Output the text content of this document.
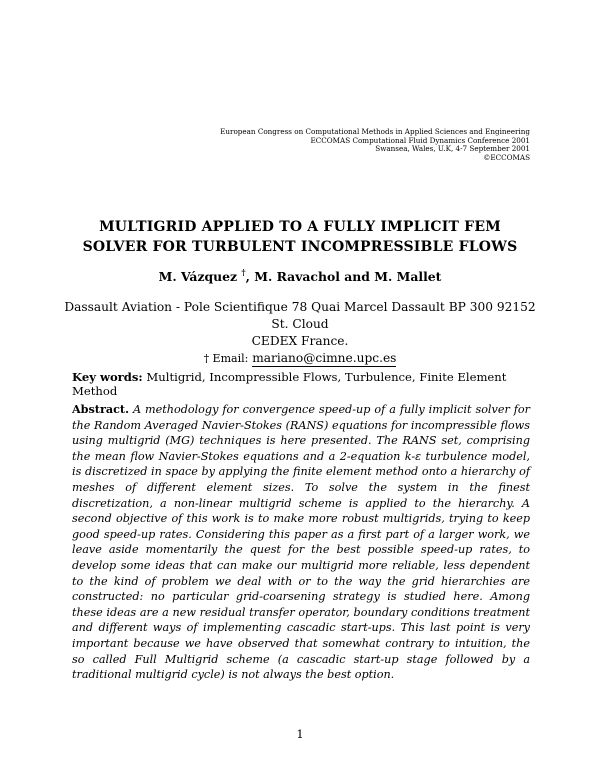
European Congress on Computational Methods in Applied Sciences and Engineering
ECCOMAS Computational Fluid Dynamics Conference 2001
Swansea, Wales, U.K, 4-7 September 2001
©ECCOMAS
MULTIGRID APPLIED TO A FULLY IMPLICIT FEM
SOLVER FOR TURBULENT INCOMPRESSIBLE FLOWS
M. Vázquez †, M. Ravachol and M. Mallet
Dassault Aviation - Pole Scientifique 78 Quai Marcel Dassault BP 300 92152 St. Cloud
CEDEX France.
† Email: mariano@cimne.upc.es
Key words: Multigrid, Incompressible Flows, Turbulence, Finite Element Method
Abstract. A methodology for convergence speed-up of a fully implicit solver for the Random Averaged Navier-Stokes (RANS) equations for incompressible flows using multigrid (MG) techniques is here presented. The RANS set, comprising the mean flow Navier-Stokes equations and a 2-equation k-ε turbulence model, is discretized in space by applying the finite element method onto a hierarchy of meshes of different element sizes. To solve the system in the finest discretization, a non-linear multigrid scheme is applied to the hierarchy. A second objective of this work is to make more robust multigrids, trying to keep good speed-up rates. Considering this paper as a first part of a larger work, we leave aside momentarily the quest for the best possible speed-up rates, to develop some ideas that can make our multigrid more reliable, less dependent to the kind of problem we deal with or to the way the grid hierarchies are constructed: no particular grid-coarsening strategy is studied here. Among these ideas are a new residual transfer operator, boundary conditions treatment and different ways of implementing cascadic start-ups. This last point is very important because we have observed that somewhat contrary to intuition, the so called Full Multigrid scheme (a cascadic start-up stage followed by a traditional multigrid cycle) is not always the best option.
1
